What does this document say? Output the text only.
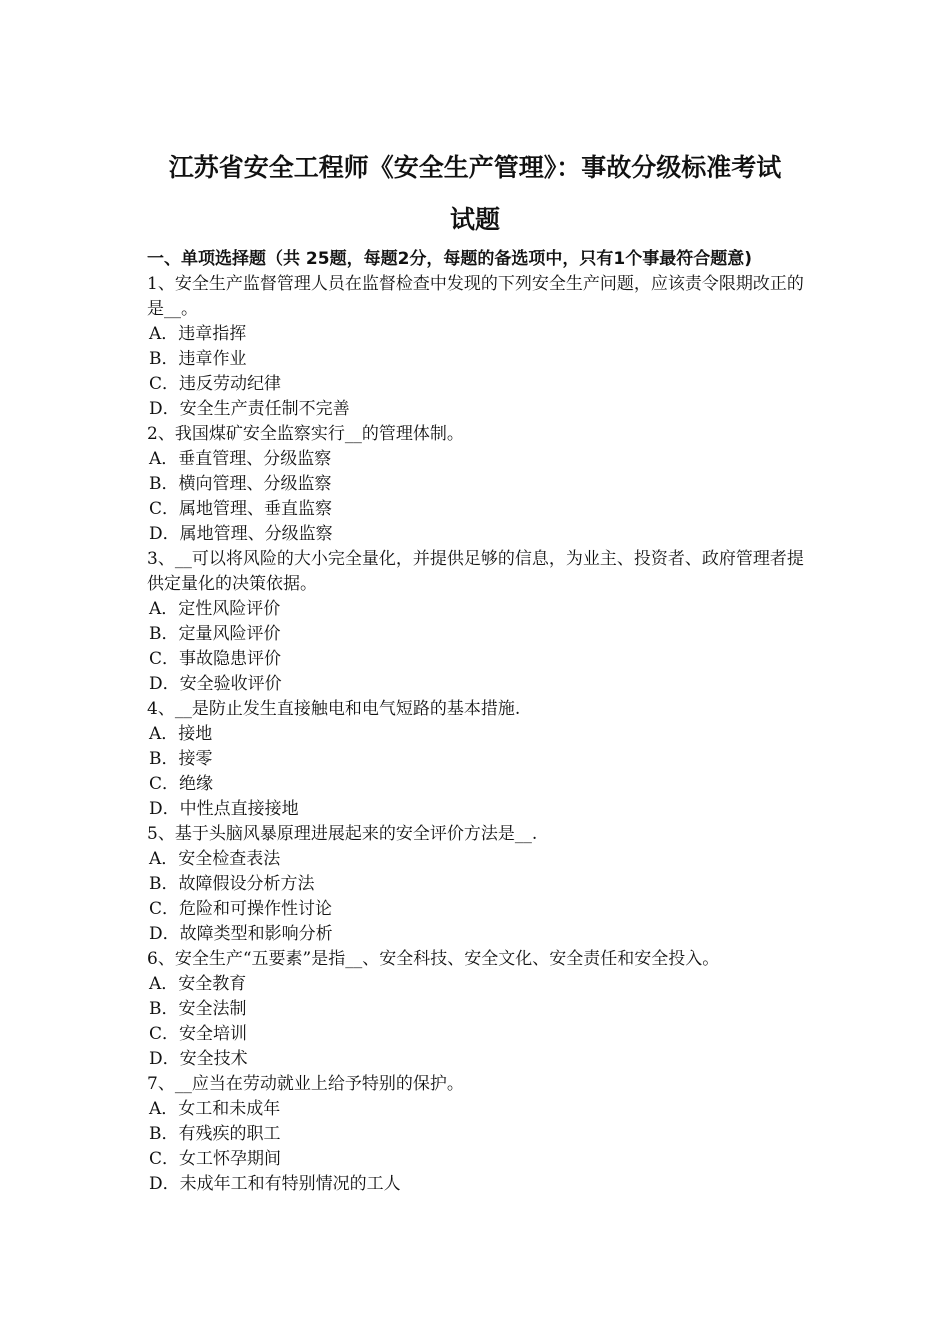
江苏省安全工程师《安全生产管理》：事故分级标准考试
试题

一、单项选择题（共 25题，每题2分，每题的备选项中，只有1个事最符合题意)

1、安全生产监督管理人员在监督检查中发现的下列安全生产问题，应该责令限期改正的是__。

A．违章指挥

B．违章作业

C．违反劳动纪律

D．安全生产责任制不完善

2、我国煤矿安全监察实行__的管理体制。

A．垂直管理、分级监察

B．横向管理、分级监察

C．属地管理、垂直监察

D．属地管理、分级监察

3、__可以将风险的大小完全量化，并提供足够的信息，为业主、投资者、政府管理者提供定量化的决策依据。

A．定性风险评价

B．定量风险评价

C．事故隐患评价

D．安全验收评价

4、__是防止发生直接触电和电气短路的基本措施.

A．接地

B．接零

C．绝缘

D．中性点直接接地

5、基于头脑风暴原理进展起来的安全评价方法是__.

A．安全检查表法

B．故障假设分析方法

C．危险和可操作性讨论

D．故障类型和影响分析

6、安全生产“五要素”是指__、安全科技、安全文化、安全责任和安全投入。

A．安全教育

B．安全法制

C．安全培训

D．安全技术

7、__应当在劳动就业上给予特别的保护。

A．女工和未成年

B．有残疾的职工

C．女工怀孕期间

D．未成年工和有特别情况的工人
